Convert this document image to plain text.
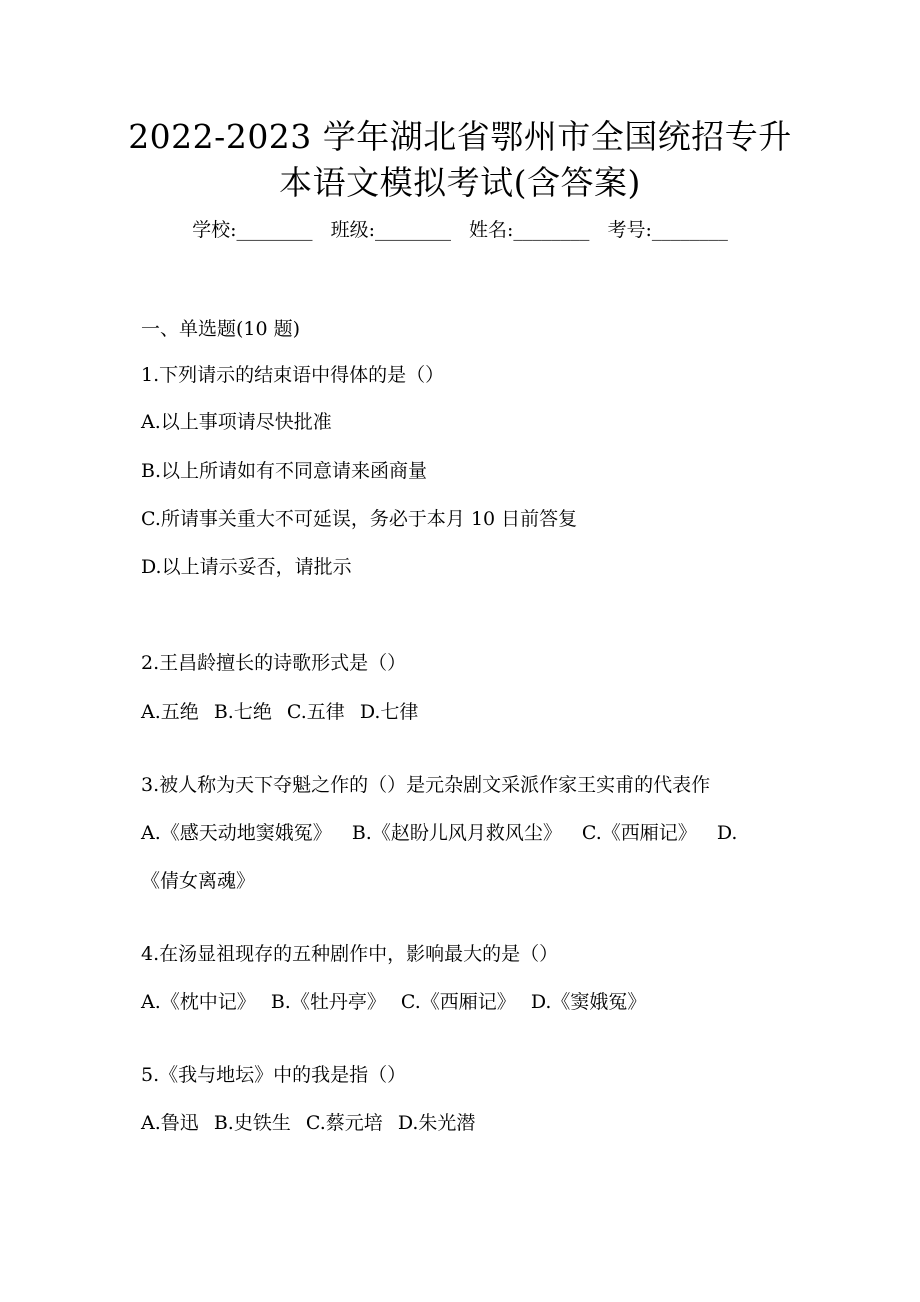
2022-2023 学年湖北省鄂州市全国统招专升
本语文模拟考试(含答案)
学校:________ 班级:________ 姓名:________ 考号:________
一、单选题(10 题)
1.下列请示的结束语中得体的是（）
A.以上事项请尽快批准
B.以上所请如有不同意请来函商量
C.所请事关重大不可延误，务必于本月 10 日前答复
D.以上请示妥否，请批示
2.王昌龄擅长的诗歌形式是（）
A.五绝 B.七绝 C.五律 D.七律
3.被人称为天下夺魁之作的（）是元杂剧文采派作家王实甫的代表作
A.《感天动地窦娥冤》 B.《赵盼儿风月救风尘》 C.《西厢记》 D.
《倩女离魂》
4.在汤显祖现存的五种剧作中，影响最大的是（）
A.《枕中记》 B.《牡丹亭》 C.《西厢记》 D.《窦娥冤》
5.《我与地坛》中的我是指（）
A.鲁迅 B.史铁生 C.蔡元培 D.朱光潜
